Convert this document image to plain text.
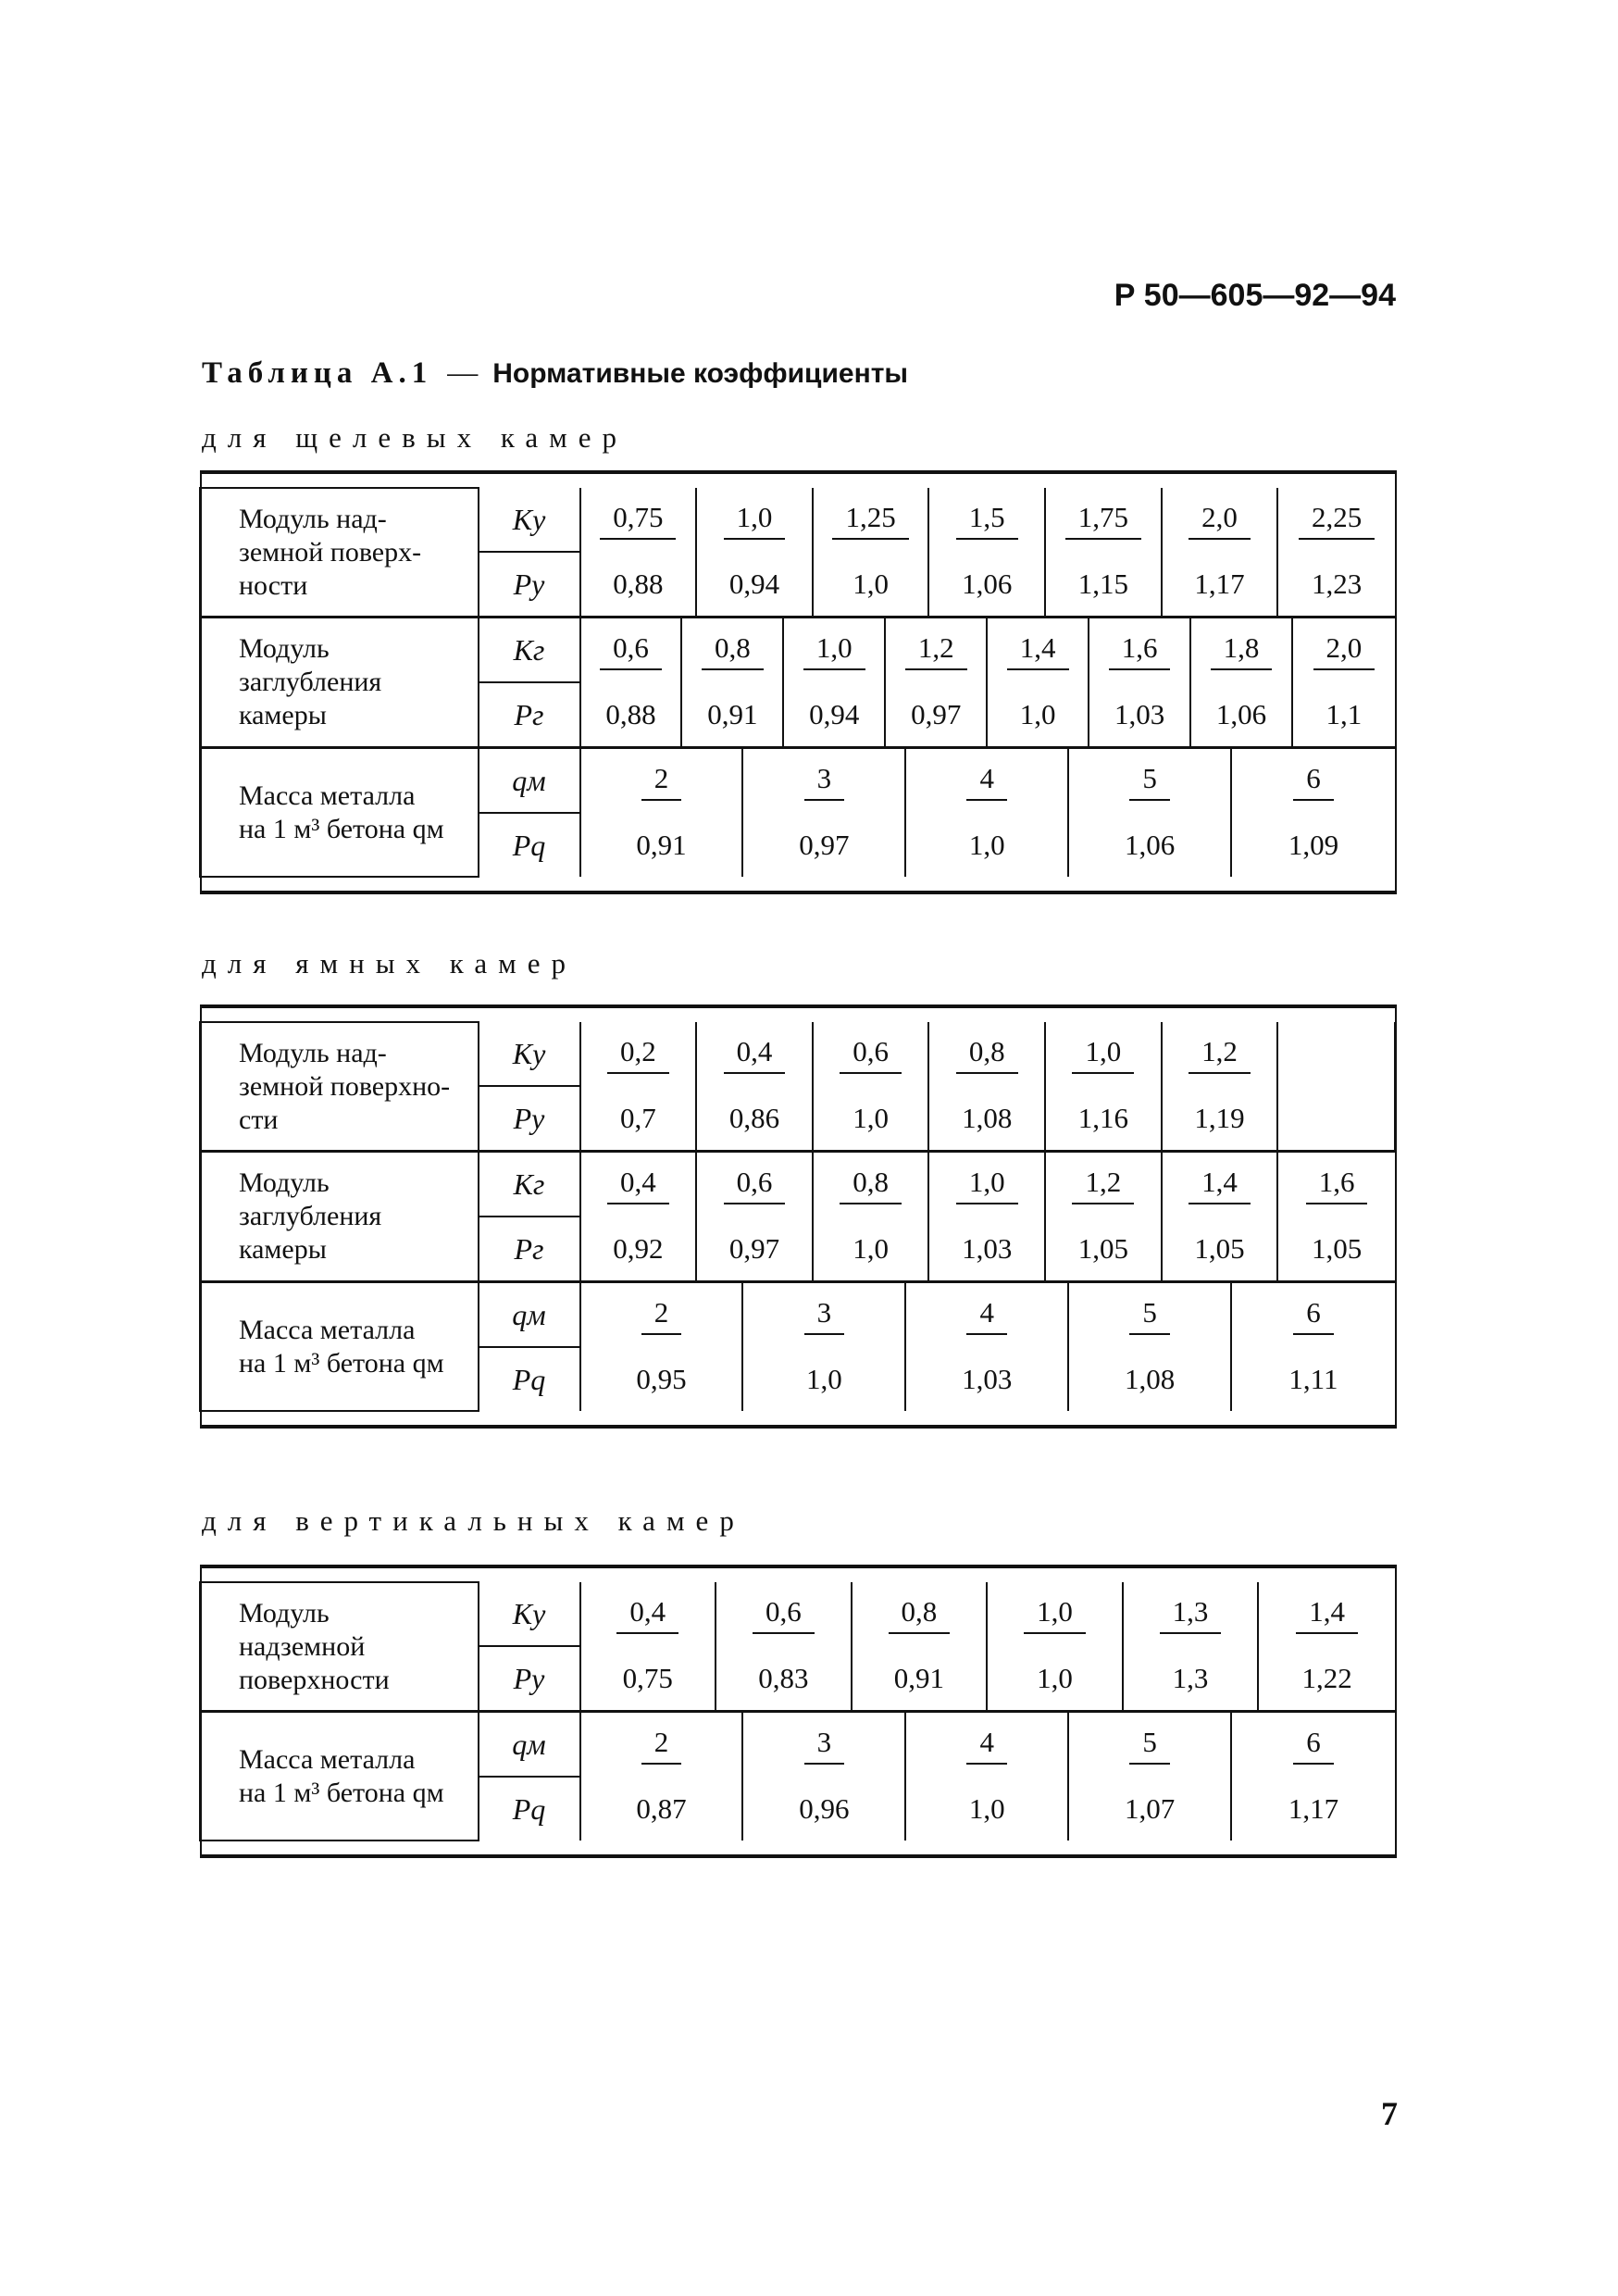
Р 50—605—92—94
Таблица А.1 — Нормативные коэффициенты
для щелевых камер

Модуль над-
земной поверх-
ности	Kу	0,75		1,0			1,25			1,5		1,75			2,0			2,25	
	Pу	0,88		0,94			1,0			1,06		1,15			1,17			1,23	
Модуль
заглубления
камеры	Kг	0,6	0,8			1,0		1,2			1,4			1,6		1,8			2,0
	Pг	0,88	0,91			0,94		0,97			1,0			1,03		1,06			1,1
Масса металла
на 1 м³ бетона qм	qм	2			3				4				5				6		
	Pq	0,91			0,97				1,0				1,06				1,09		

для ямных камер

Модуль над-
земной поверхно-
сти	Kу	0,2	0,4		0,6		0,8	1,0		1,2		
	Pу	0,7	0,86		1,0		1,08	1,16		1,19		
Модуль
заглубления
камеры	Kг	0,4	0,6		0,8		1,0	1,2		1,4		1,6
	Pг	0,92	0,97		1,0		1,03	1,05		1,05		1,05
Масса металла
на 1 м³ бетона qм	qм	2		3		4			5		6	
	Pq	0,95		1,0		1,03			1,08		1,11	

для вертикальных камер

Модуль
надземной
поверхности	Kу	0,4	0,6		0,8		1,0		1,3		1,4
	Pу	0,75	0,83		0,91		1,0		1,3		1,22
Масса металла
на 1 м³ бетона qм	qм	2		3		4		5		6	
	Pq	0,87		0,96		1,0		1,07		1,17	

7
